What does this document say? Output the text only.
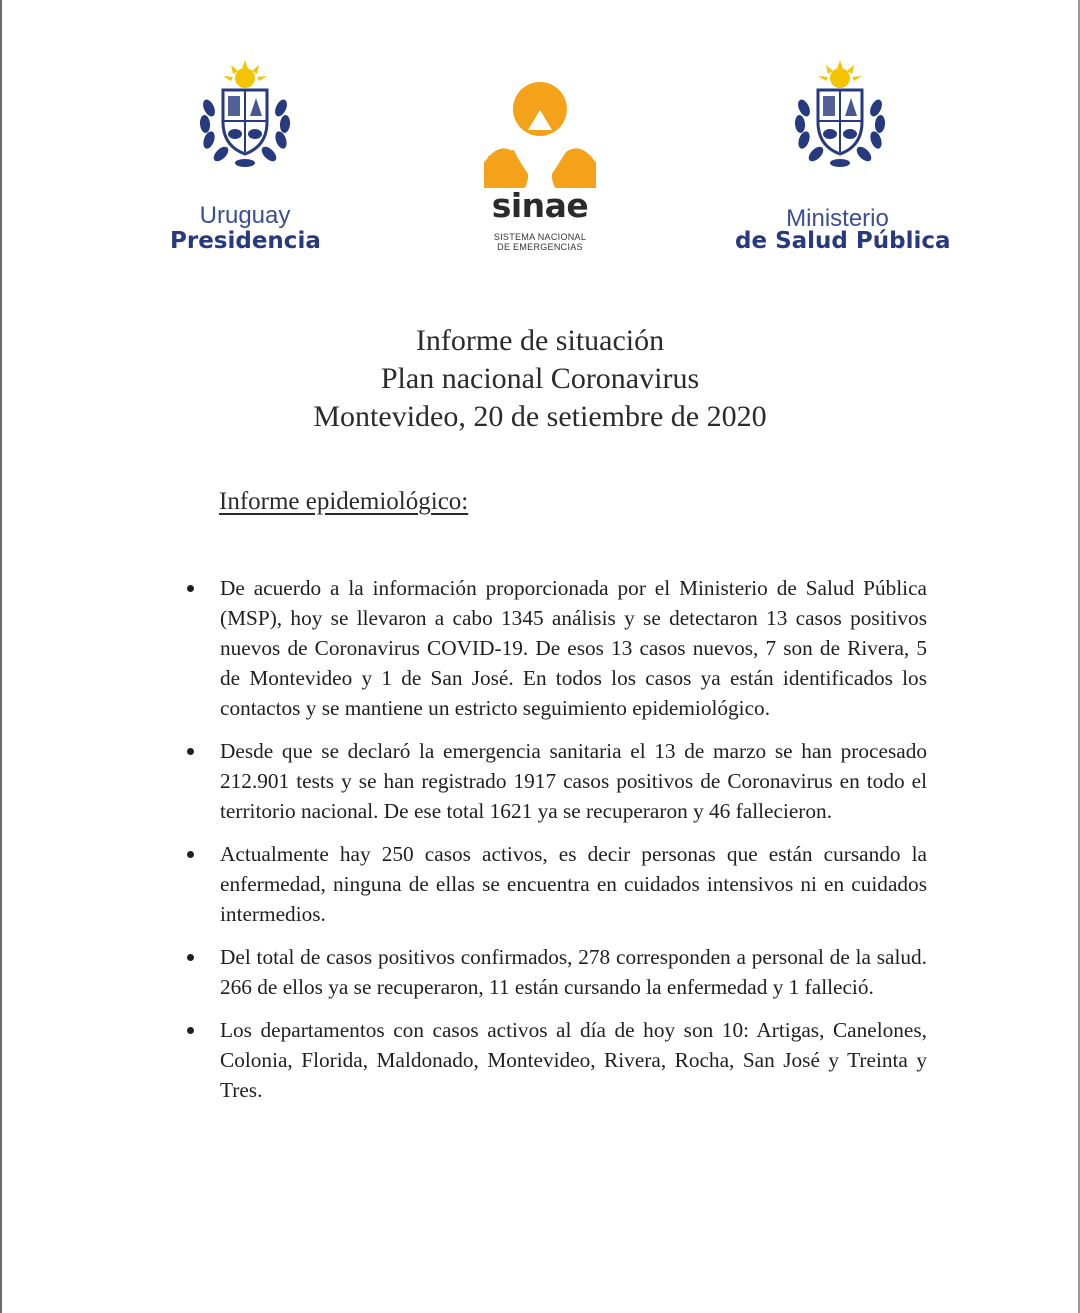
Uruguay
Presidencia
sinae
SISTEMA NACIONAL
DE EMERGENCIAS
Ministerio
de Salud Pública
Informe de situación
Plan nacional Coronavirus
Montevideo, 20 de setiembre de 2020
Informe epidemiológico:
De acuerdo a la información proporcionada por el Ministerio de Salud Pública (MSP), hoy se llevaron a cabo 1345 análisis y se detectaron 13 casos positivos nuevos de Coronavirus COVID-19. De esos 13 casos nuevos, 7 son de Rivera, 5 de Montevideo y 1 de San José. En todos los casos ya están identificados los contactos y se mantiene un estricto seguimiento epidemiológico.
Desde que se declaró la emergencia sanitaria el 13 de marzo se han procesado 212.901 tests y se han registrado 1917 casos positivos de Coronavirus en todo el territorio nacional. De ese total 1621 ya se recuperaron y 46 fallecieron.
Actualmente hay 250 casos activos, es decir personas que están cursando la enfermedad, ninguna de ellas se encuentra en cuidados intensivos ni en cuidados intermedios.
Del total de casos positivos confirmados, 278 corresponden a personal de la salud. 266 de ellos ya se recuperaron, 11 están cursando la enfermedad y 1 falleció.
Los departamentos con casos activos al día de hoy son 10: Artigas, Canelones, Colonia, Florida, Maldonado, Montevideo, Rivera, Rocha, San José y Treinta y Tres.
